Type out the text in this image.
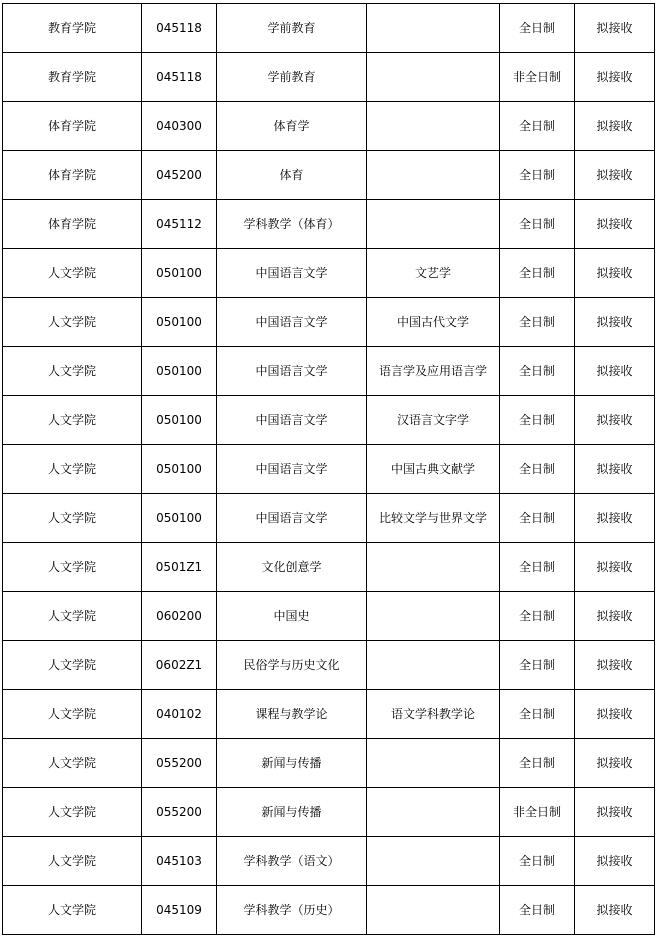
教育学院	045118	学前教育		全日制	拟接收
教育学院	045118	学前教育		非全日制	拟接收
体育学院	040300	体育学		全日制	拟接收
体育学院	045200	体育		全日制	拟接收
体育学院	045112	学科教学（体育）		全日制	拟接收
人文学院	050100	中国语言文学	文艺学	全日制	拟接收
人文学院	050100	中国语言文学	中国古代文学	全日制	拟接收
人文学院	050100	中国语言文学	语言学及应用语言学	全日制	拟接收
人文学院	050100	中国语言文学	汉语言文字学	全日制	拟接收
人文学院	050100	中国语言文学	中国古典文献学	全日制	拟接收
人文学院	050100	中国语言文学	比较文学与世界文学	全日制	拟接收
人文学院	0501Z1	文化创意学		全日制	拟接收
人文学院	060200	中国史		全日制	拟接收
人文学院	0602Z1	民俗学与历史文化		全日制	拟接收
人文学院	040102	课程与教学论	语文学科教学论	全日制	拟接收
人文学院	055200	新闻与传播		全日制	拟接收
人文学院	055200	新闻与传播		非全日制	拟接收
人文学院	045103	学科教学（语文）		全日制	拟接收
人文学院	045109	学科教学（历史）		全日制	拟接收
